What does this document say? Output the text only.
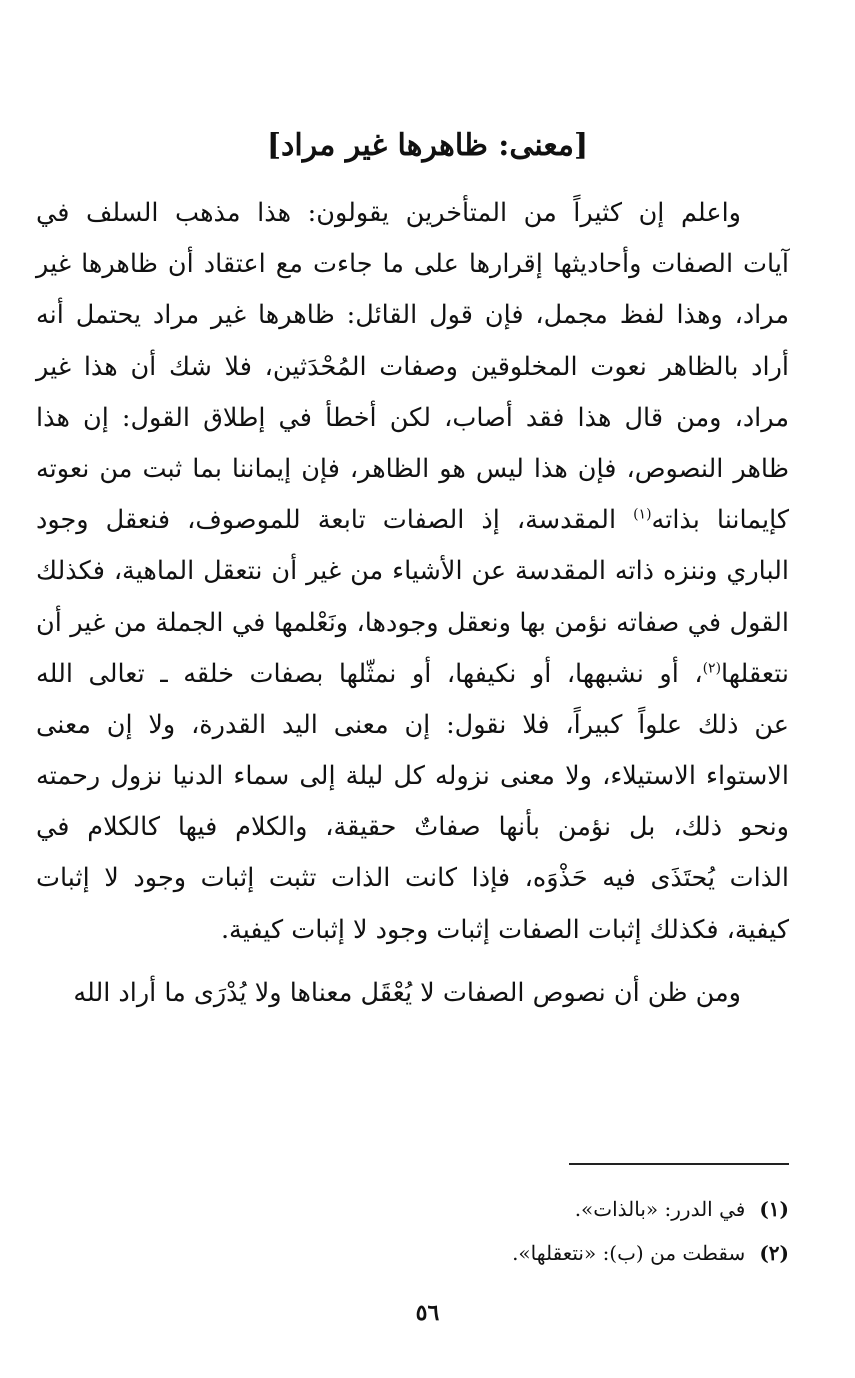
[معنى: ظاهرها غير مراد]
واعلم إن كثيراً من المتأخرين يقولون: هذا مذهب السلف في
آيات الصفات وأحاديثها إقرارها على ما جاءت مع اعتقاد أن ظاهرها غير
مراد، وهذا لفظ مجمل، فإن قول القائل: ظاهرها غير مراد يحتمل أنه
أراد بالظاهر نعوت المخلوقين وصفات المُحْدَثين، فلا شك أن هذا غير
مراد، ومن قال هذا فقد أصاب، لكن أخطأ في إطلاق القول: إن هذا
ظاهر النصوص، فإن هذا ليس هو الظاهر، فإن إيماننا بما ثبت من نعوته
كإيماننا بذاته$^{(١)}$ المقدسة، إذ الصفات تابعة للموصوف، فنعقل وجود
الباري وننزه ذاته المقدسة عن الأشياء من غير أن نتعقل الماهية، فكذلك
القول في صفاته نؤمن بها ونعقل وجودها، ونَعْلمها في الجملة من غير أن
نتعقلها$^{(٢)}$، أو نشبهها، أو نكيفها، أو نمثّلها بصفات خلقه ـ تعالى الله
عن ذلك علواً كبيراً، فلا نقول: إن معنى اليد القدرة، ولا إن معنى
الاستواء الاستيلاء، ولا معنى نزوله كل ليلة إلى سماء الدنيا نزول رحمته
ونحو ذلك، بل نؤمن بأنها صفاتٌ حقيقة، والكلام فيها كالكلام في
الذات يُحتَذَى فيه حَذْوَه، فإذا كانت الذات تثبت إثبات وجود لا إثبات
كيفية، فكذلك إثبات الصفات إثبات وجود لا إثبات كيفية.
ومن ظن أن نصوص الصفات لا يُعْقَل معناها ولا يُدْرَى ما أراد الله
(١)في الدرر: «بالذات».
(٢)سقطت من (ب): «نتعقلها».
٥٦
